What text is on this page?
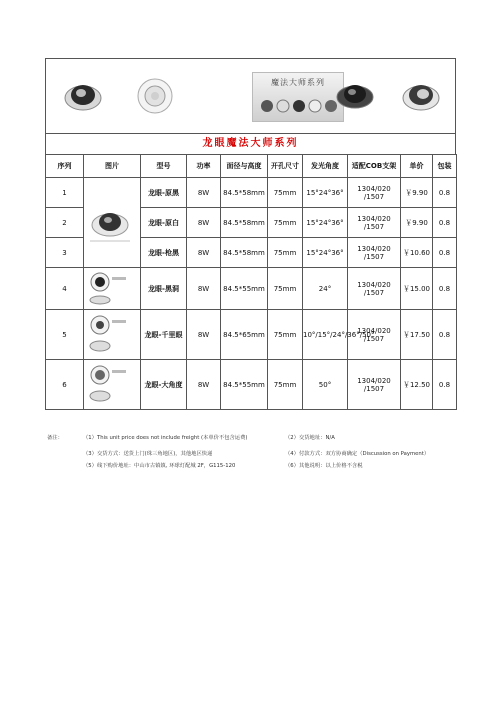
魔法大师系列
龙眼魔法大师系列
序列	图片	型号	功率	面径与高度	开孔尺寸	发光角度	适配COB支架	单价	包装
1		龙眼-原黑	8W	84.5*58mm	75mm	15°24°36°	1304/020 /1507	￥9.90	0.8
2		龙眼-原白	8W	84.5*58mm	75mm	15°24°36°	1304/020 /1507	￥9.90	0.8
3		龙眼-枪黑	8W	84.5*58mm	75mm	15°24°36°	1304/020 /1507	￥10.60	0.8
4		龙眼-黑洞	8W	84.5*55mm	75mm	24°	1304/020 /1507	￥15.00	0.8
5		龙眼-千里眼	8W	84.5*65mm	75mm	10°/15°/24°/36°/50°	1304/020 /1507	￥17.50	0.8
6		龙眼-大角度	8W	84.5*55mm	75mm	50°	1304/020 /1507	￥12.50	0.8
备注：	（1）This unit price does not include freight (本单价不包含运费)	（2）交货地址：N/A
（3）交货方式：送货上门(珠三角地区)，其他地区快递	（4）付款方式：双方协商确定（Discussion on Payment）
（5）线下购价地址：中山市古镇镇, 环球灯配城 2F，G115-120	（6）其他说明：以上价格不含税
